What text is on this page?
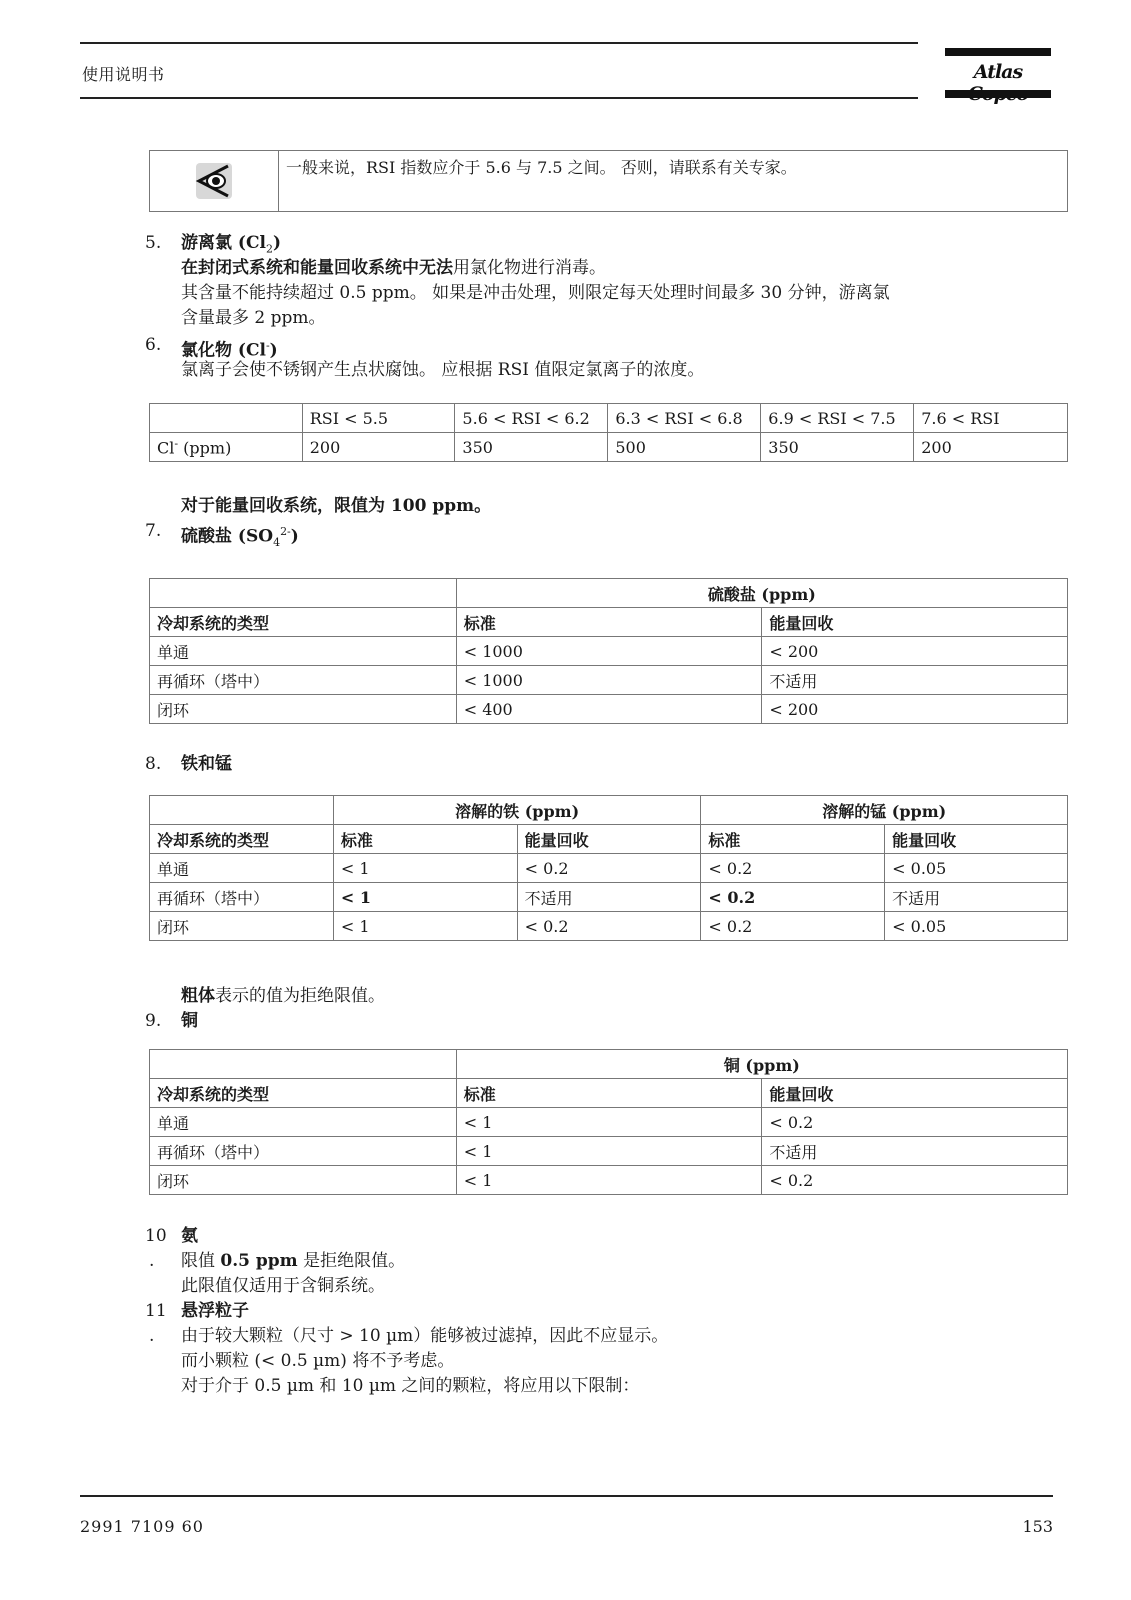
使用说明书	Atlas
一般来说，RSI 指数应介于 5.6 与 7.5 之间。 否则，请联系有关专家。
5. 游离氯 $(Cl_2)$
在封闭式系统和能量回收系统中无法用氯化物进行消毒。
其含量不能持续超过 0.5 ppm。 如果是冲击处理，则限定每天处理时间最多 30 分钟，游离氯
含量最多 2 ppm。
6. 氯化物 (Cl-)
氯离子会使不锈钢产生点状腐蚀。 应根据 RSI 值限定氯离子的浓度。
	RSI < 5.5	5.6 < RSI < 6.2	6.3 < RSI < 6.8	6.9 < RSI < 7.5	7.6 < RSI
Cl- (ppm)	200	350	500	350	200
对于能量回收系统，限值为 100 ppm。
7. 硫酸盐 $(SO_4^{2-})$
	硫酸盐 (ppm)	
冷却系统的类型	标准	能量回收
单通	< 1000	< 200
再循环（塔中）	< 1000	不适用
闭环	< 400	< 200
8. 铁和锰
	溶解的铁 (ppm)		溶解的锰 (ppm)	
冷却系统的类型	标准	能量回收	标准	能量回收
单通	< 1	< 0.2	< 0.2	< 0.05
再循环（塔中）	< 1	不适用	< 0.2	不适用
闭环	< 1	< 0.2	< 0.2	< 0.05
粗体表示的值为拒绝限值。
9. 铜
	铜 (ppm)	
冷却系统的类型	标准	能量回收
单通	< 1	< 0.2
再循环（塔中）	< 1	不适用
闭环	< 1	< 0.2
10 氨
. 限值 0.5 ppm 是拒绝限值。
此限值仅适用于含铜系统。
11 悬浮粒子
. 由于较大颗粒（尺寸 > 10 µm）能够被过滤掉，因此不应显示。
而小颗粒 (< 0.5 µm) 将不予考虑。
对于介于 0.5 µm 和 10 µm 之间的颗粒，将应用以下限制：
2991 7109 60	153
